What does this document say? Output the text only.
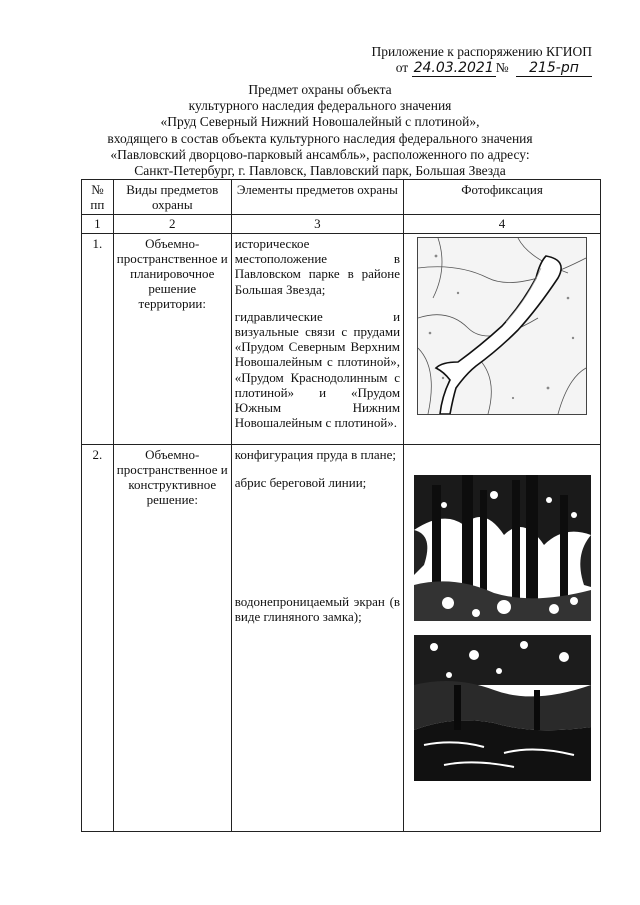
Приложение к распоряжению КГИОП
от 24.03.2021 № 215-рп
Предмет охраны объекта
культурного наследия федерального значения
«Пруд Северный Нижний Новошалейный с плотиной»,
входящего в состав объекта культурного наследия федерального значения
«Павловский дворцово-парковый ансамбль», расположенного по адресу:
Санкт-Петербург, г. Павловск, Павловский парк, Большая Звезда
№ пп	Виды предметов охраны	Элементы предметов охраны	Фотофиксация
1	2	3	4
1.	Объемно-пространственное и планировочное решение территории:	историческое местоположение в Павловском парке в районе Большая Звезда;

гидравлические и визуальные связи с прудами «Прудом Северным Верхним Новошалейным с плотиной», «Прудом Краснодолинным с плотиной» и «Прудом Южным Нижним Новошалейным с плотиной».

2.	Объемно-пространственное и конструктивное решение:	конфигурация пруда в плане;

абрис береговой линии;

водонепроницаемый экран (в виде глиняного замка);
